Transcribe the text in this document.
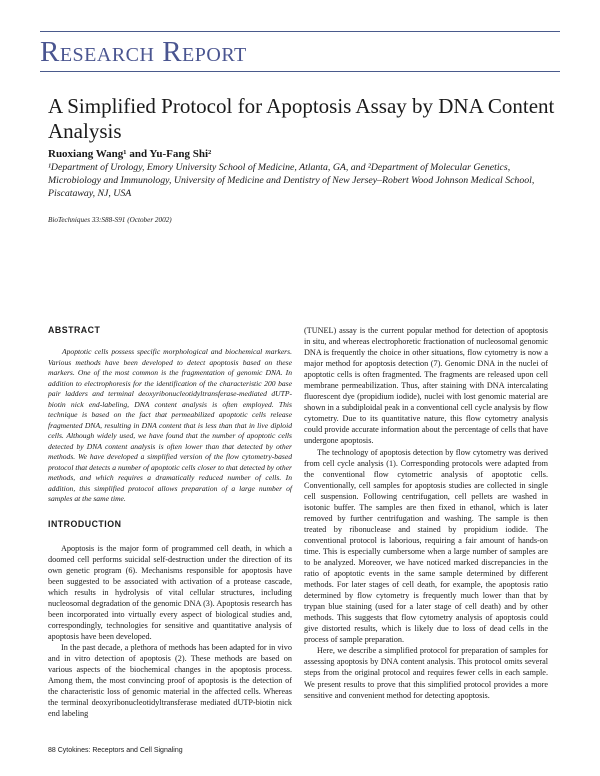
Research Report
A Simplified Protocol for Apoptosis Assay by DNA Content Analysis
Ruoxiang Wang¹ and Yu-Fang Shi²
¹Department of Urology, Emory University School of Medicine, Atlanta, GA, and ²Department of Molecular Genetics, Microbiology and Immunology, University of Medicine and Dentistry of New Jersey–Robert Wood Johnson Medical School, Piscataway, NJ, USA
BioTechniques 33:S88-S91 (October 2002)

ABSTRACT

Apoptotic cells possess specific morphological and biochemical markers. Various methods have been developed to detect apoptosis based on these markers. One of the most common is the fragmentation of genomic DNA. In addition to electrophoresis for the identification of the characteristic 200 base pair ladders and terminal deoxyribonucleotidyltransferase-mediated dUTP-biotin nick end-labeling, DNA content analysis is often employed. This technique is based on the fact that permeabilized apoptotic cells release fragmented DNA, resulting in DNA content that is less than that in live diploid cells. Although widely used, we have found that the number of apoptotic cells detected by DNA content analysis is often lower than that detected by other methods. We have developed a simplified version of the flow cytometry-based protocol that detects a number of apoptotic cells closer to that detected by other methods, and which requires a dramatically reduced number of cells. In addition, this simplified protocol allows preparation of a large number of samples at the same time.

INTRODUCTION

Apoptosis is the major form of programmed cell death, in which a doomed cell performs suicidal self-destruction under the direction of its own genetic program (6). Mechanisms responsible for apoptosis have been suggested to be associated with activation of a protease cascade, which results in hydrolysis of vital cellular structures, including nucleosomal degradation of the genomic DNA (3). Apoptosis research has been incorporated into virtually every aspect of biological studies and, correspondingly, technologies for sensitive and quantitative analysis of apoptosis have been developed.

In the past decade, a plethora of methods has been adapted for in vivo and in vitro detection of apoptosis (2). These methods are based on various aspects of the biochemical changes in the apoptosis process. Among them, the most convincing proof of apoptosis is the detection of the characteristic loss of genomic material in the affected cells. Whereas the terminal deoxyribonucleotidyltransferase mediated dUTP-biotin nick end labeling

(TUNEL) assay is the current popular method for detection of apoptosis in situ, and whereas electrophoretic fractionation of nucleosomal genomic DNA is frequently the choice in other situations, flow cytometry is now a major method for apoptosis detection (7). Genomic DNA in the nuclei of apoptotic cells is often fragmented. The fragments are released upon cell membrane permeabilization. Thus, after staining with DNA intercalating fluorescent dye (propidium iodide), nuclei with lost genomic material are shown in a subdiploidal peak in a conventional cell cycle analysis by flow cytometry. Due to its quantitative nature, this flow cytometry analysis could provide accurate information about the percentage of cells that have undergone apoptosis.

The technology of apoptosis detection by flow cytometry was derived from cell cycle analysis (1). Corresponding protocols were adapted from the conventional flow cytometric analysis of apoptotic cells. Conventionally, cell samples for apoptosis studies are collected in single cell suspension. Following centrifugation, cell pellets are washed in isotonic buffer. The samples are then fixed in ethanol, which is later removed by further centrifugation and washing. The sample is then treated by ribonuclease and stained by propidium iodide. The conventional protocol is laborious, requiring a fair amount of hands-on time. This is especially cumbersome when a large number of samples are to be analyzed. Moreover, we have noticed marked discrepancies in the ratio of apoptotic events in the same sample determined by different methods. For later stages of cell death, for example, the apoptosis ratio determined by flow cytometry is frequently much lower than that by trypan blue staining (used for a later stage of cell death) and by other methods. This suggests that flow cytometry analysis of apoptosis could give distorted results, which is likely due to loss of dead cells in the process of sample preparation.

Here, we describe a simplified protocol for preparation of samples for assessing apoptosis by DNA content analysis. This protocol omits several steps from the original protocol and requires fewer cells in each sample. We present results to prove that this simplified protocol provides a more sensitive and convenient method for detecting apoptosis.

88 Cytokines: Receptors and Cell Signaling
